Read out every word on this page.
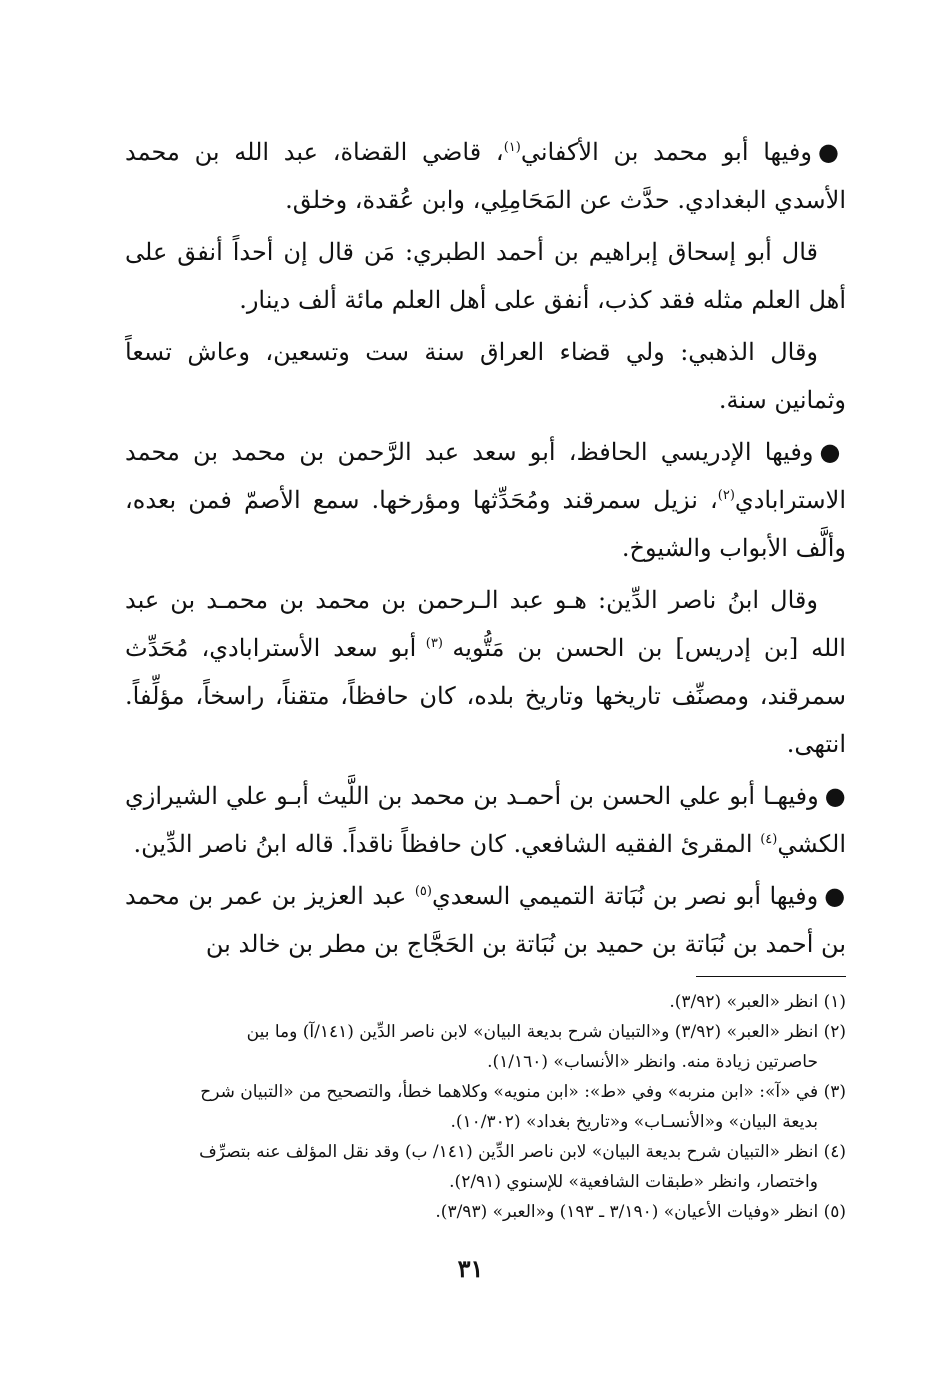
●وفيها أبو محمد بن الأكفاني$^{(١)}$، قاضي القضاة، عبد الله بن محمد الأسدي البغدادي. حدَّث عن المَحَامِلِي، وابن عُقدة، وخلق.

قال أبو إسحاق إبراهيم بن أحمد الطبري: مَن قال إن أحداً أنفق على أهل العلم مثله فقد كذب، أنفق على أهل العلم مائة ألف دينار.

وقال الذهبي: ولي قضاء العراق سنة ست وتسعين، وعاش تسعاً وثمانين سنة.

●وفيها الإدريسي الحافظ، أبو سعد عبد الرَّحمن بن محمد بن محمد الاسترابادي$^{(٢)}$، نزيل سمرقند ومُحَدِّثها ومؤرخها. سمع الأصمّ فمن بعده، وألَّف الأبواب والشيوخ.

وقال ابنُ ناصر الدِّين: هـو عبد الـرحمن بن محمد بن محمـد بن عبد الله [بن إدريس] بن الحسن بن مَتُّويه $^{(٣)}$ أبو سعد الأسترابادي، مُحَدِّث سمرقند، ومصنِّف تاريخها وتاريخ بلده، كان حافظاً، متقناً، راسخاً، مؤلِّفاً. انتهى.

●وفيهـا أبو علي الحسن بن أحمـد بن محمد بن اللَّيث أبـو علي الشيرازي الكشي$^{(٤)}$ المقرئ الفقيه الشافعي. كان حافظاً ناقداً. قاله ابنُ ناصر الدِّين.

●وفيها أبو نصر بن نُبَاتة التميمي السعدي$^{(٥)}$ عبد العزيز بن عمر بن محمد بن أحمد بن نُبَاتة بن حميد بن نُبَاتة بن الحَجَّاج بن مطر بن خالد بن

(١) انظر «العبر» (٣/٩٢).

(٢) انظر «العبر» (٣/٩٢) و«التبيان شرح بديعة البيان» لابن ناصر الدِّين (١٤١/آ) وما بين
حاصرتين زيادة منه. وانظر «الأنساب» (١/١٦٠).

(٣) في «آ»: «ابن منربه» وفي «ط»: «ابن منويه» وكلاهما خطأ، والتصحيح من «التبيان شرح
بديعة البيان» و«الأنسـاب» و«تاريخ بغداد» (١٠/٣٠٢).

(٤) انظر «التبيان شرح بديعة البيان» لابن ناصر الدِّين (١٤١/ ب) وقد نقل المؤلف عنه بتصرِّف
واختصار، وانظر «طبقات الشافعية» للإسنوي (٢/٩١).

(٥) انظر «وفيات الأعيان» (٣/١٩٠ ـ ١٩٣) و«العبر» (٣/٩٣).

٣١
